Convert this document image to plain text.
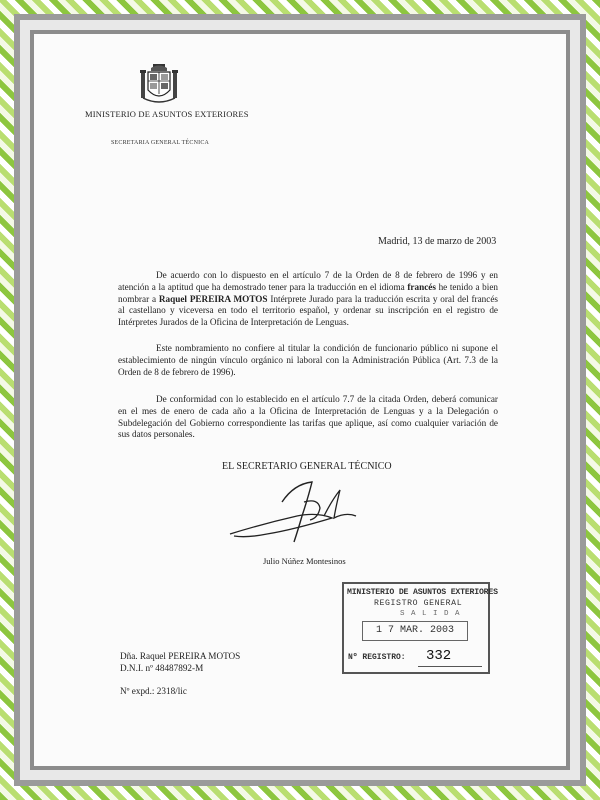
MINISTERIO DE ASUNTOS EXTERIORES
SECRETARIA GENERAL TÉCNICA
Madrid, 13 de marzo de 2003
De acuerdo con lo dispuesto en el artículo 7 de la Orden de 8 de febrero de 1996 y en atención a la aptitud que ha demostrado tener para la traducción en el idioma francés he tenido a bien nombrar a Raquel PEREIRA MOTOS Intérprete Jurado para la traducción escrita y oral del francés al castellano y viceversa en todo el territorio español, y ordenar su inscripción en el registro de Intérpretes Jurados de la Oficina de Interpretación de Lenguas.
Este nombramiento no confiere al titular la condición de funcionario público ni supone el establecimiento de ningún vínculo orgánico ni laboral con la Administración Pública (Art. 7.3 de la Orden de 8 de febrero de 1996).
De conformidad con lo establecido en el artículo 7.7 de la citada Orden, deberá comunicar en el mes de enero de cada año a la Oficina de Interpretación de Lenguas y a la Delegación o Subdelegación del Gobierno correspondiente las tarifas que aplique, así como cualquier variación de sus datos personales.
EL SECRETARIO GENERAL TÉCNICO
Julio Núñez Montesinos
MINISTERIO DE ASUNTOS EXTERIORES
REGISTRO GENERAL
S A L I D A
1 7 MAR. 2003
Nº REGISTRO: 332
Dña. Raquel PEREIRA MOTOS
D.N.I. nº 48487892-M
Nº expd.: 2318/lic
